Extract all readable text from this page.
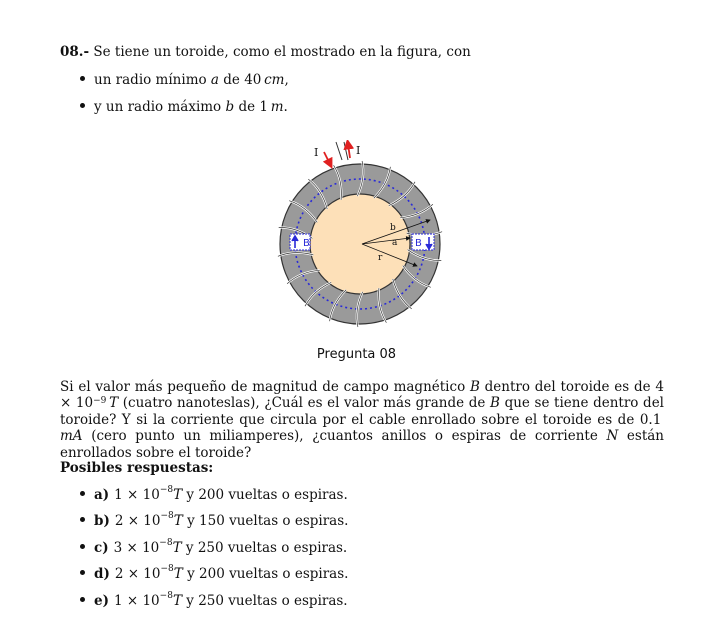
08.- Se tiene un toroide, como el mostrado en la figura, con
un radio mínimo a de 40  cm,
y un radio máximo b de 1  m.
I	I
B	B
b
a
r
Pregunta 08
Si el valor más pequeño de magnitud de campo magnético B dentro del toroide es de $4 \times 10^{-9}$  T (cuatro nanoteslas), ¿Cuál es el valor más grande de B que se tiene dentro del toroide? Y si la corriente que circula por el cable enrollado sobre el toroide es de 0.1 mA (cero punto un miliamperes), ¿cuantos anillos o espiras de corriente N están enrollados sobre el toroide?
Posibles respuestas:
a) $1 \times 10^{-8}T$ y 200 vueltas o espiras.
b) $2 \times 10^{-8}T$ y 150 vueltas o espiras.
c) $3 \times 10^{-8}T$ y 250 vueltas o espiras.
d) $2 \times 10^{-8}T$ y 200 vueltas o espiras.
e) $1 \times 10^{-8}T$ y 250 vueltas o espiras.
